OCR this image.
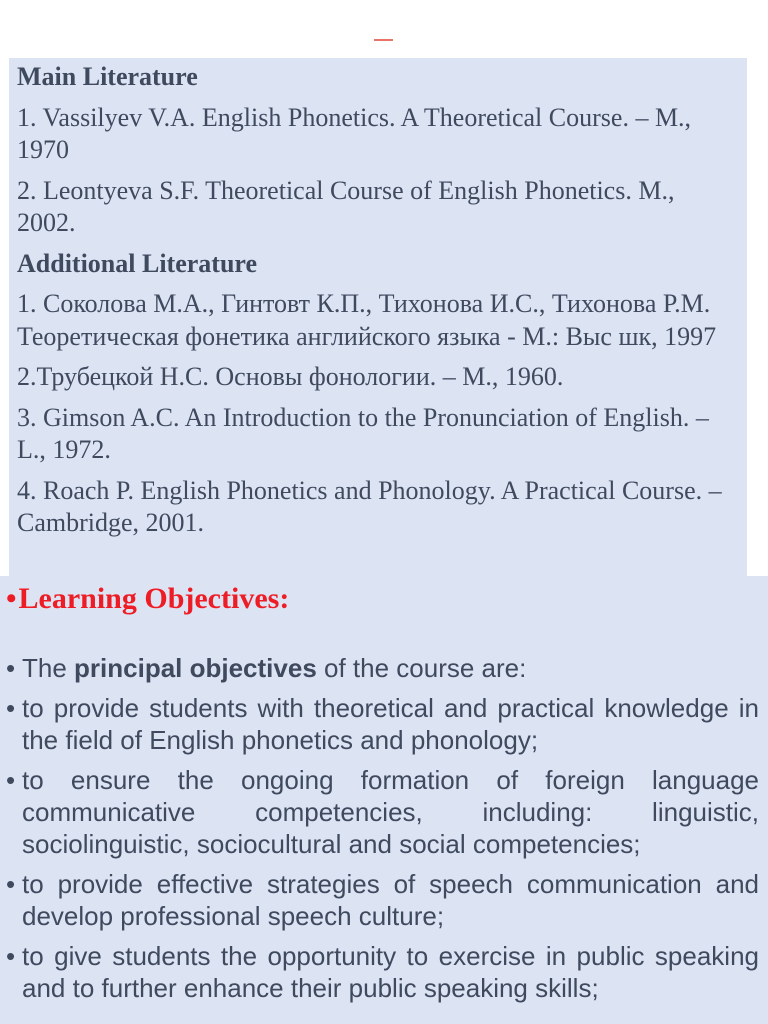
Main Literature

1. Vassilyev V.A. English Phonetics. A Theoretical Course. – M., 1970

2. Leontyeva S.F. Theoretical Course of English Phonetics. M., 2002.

Additional Literature

1. Соколова М.А., Гинтовт К.П., Тихонова И.С., Тихонова Р.М. Теоретическая фонетика английского языка - М.: Выс шк, 1997

2.Трубецкой Н.С. Основы фонологии. – М., 1960.

3. Gimson A.C. An Introduction to the Pronunciation of English. – L., 1972.

4. Roach P. English Phonetics and Phonology. A Practical Course. – Cambridge, 2001.

• Learning Objectives:
• The principal objectives of the course are:
• to provide students with theoretical and practical knowledge in the field of English phonetics and phonology;
• to ensure the ongoing formation of foreign language communicative competencies, including: linguistic, sociolinguistic, sociocultural and social competencies;
• to provide effective strategies of speech communication and develop professional speech culture;
• to give students the opportunity to exercise in public speaking and to further enhance their public speaking skills;
